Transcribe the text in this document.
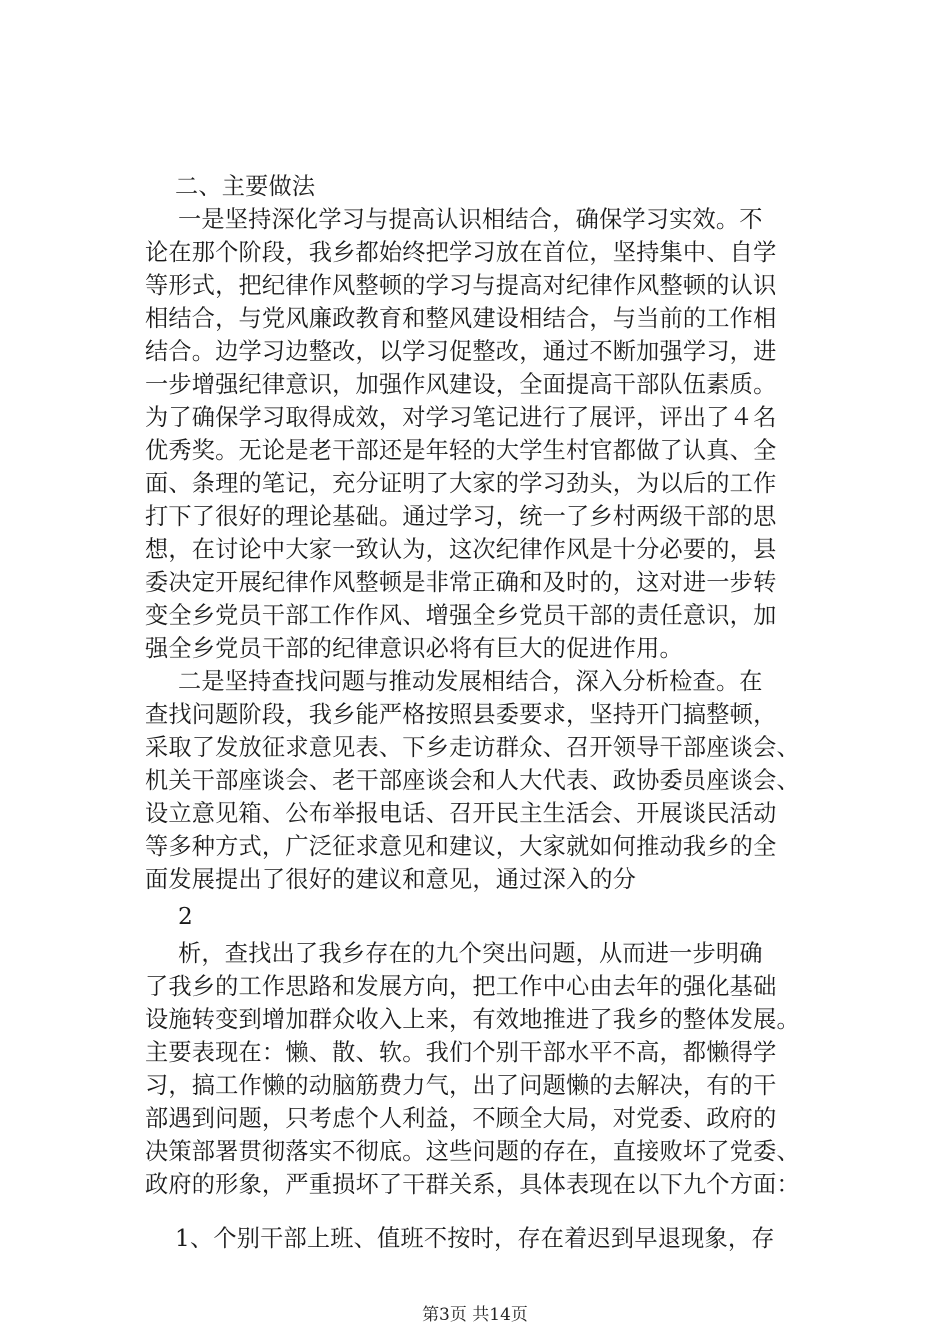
二、主要做法
一是坚持深化学习与提高认识相结合，确保学习实效。不
论在那个阶段，我乡都始终把学习放在首位，坚持集中、自学
等形式，把纪律作风整顿的学习与提高对纪律作风整顿的认识
相结合，与党风廉政教育和整风建设相结合，与当前的工作相
结合。边学习边整改，以学习促整改，通过不断加强学习，进
一步增强纪律意识，加强作风建设，全面提高干部队伍素质。
为了确保学习取得成效，对学习笔记进行了展评，评出了４名
优秀奖。无论是老干部还是年轻的大学生村官都做了认真、全
面、条理的笔记，充分证明了大家的学习劲头，为以后的工作
打下了很好的理论基础。通过学习，统一了乡村两级干部的思
想，在讨论中大家一致认为，这次纪律作风是十分必要的，县
委决定开展纪律作风整顿是非常正确和及时的，这对进一步转
变全乡党员干部工作作风、增强全乡党员干部的责任意识，加
强全乡党员干部的纪律意识必将有巨大的促进作用。
二是坚持查找问题与推动发展相结合，深入分析检查。在
查找问题阶段，我乡能严格按照县委要求，坚持开门搞整顿，
采取了发放征求意见表、下乡走访群众、召开领导干部座谈会、
机关干部座谈会、老干部座谈会和人大代表、政协委员座谈会、
设立意见箱、公布举报电话、召开民主生活会、开展谈民活动
等多种方式，广泛征求意见和建议，大家就如何推动我乡的全
面发展提出了很好的建议和意见，通过深入的分
2
析，查找出了我乡存在的九个突出问题，从而进一步明确
了我乡的工作思路和发展方向，把工作中心由去年的强化基础
设施转变到增加群众收入上来，有效地推进了我乡的整体发展。
主要表现在：懒、散、软。我们个别干部水平不高，都懒得学
习，搞工作懒的动脑筋费力气，出了问题懒的去解决，有的干
部遇到问题，只考虑个人利益，不顾全大局，对党委、政府的
决策部署贯彻落实不彻底。这些问题的存在，直接败坏了党委、
政府的形象，严重损坏了干群关系，具体表现在以下九个方面：
1、个别干部上班、值班不按时，存在着迟到早退现象，存
第3页 共14页
